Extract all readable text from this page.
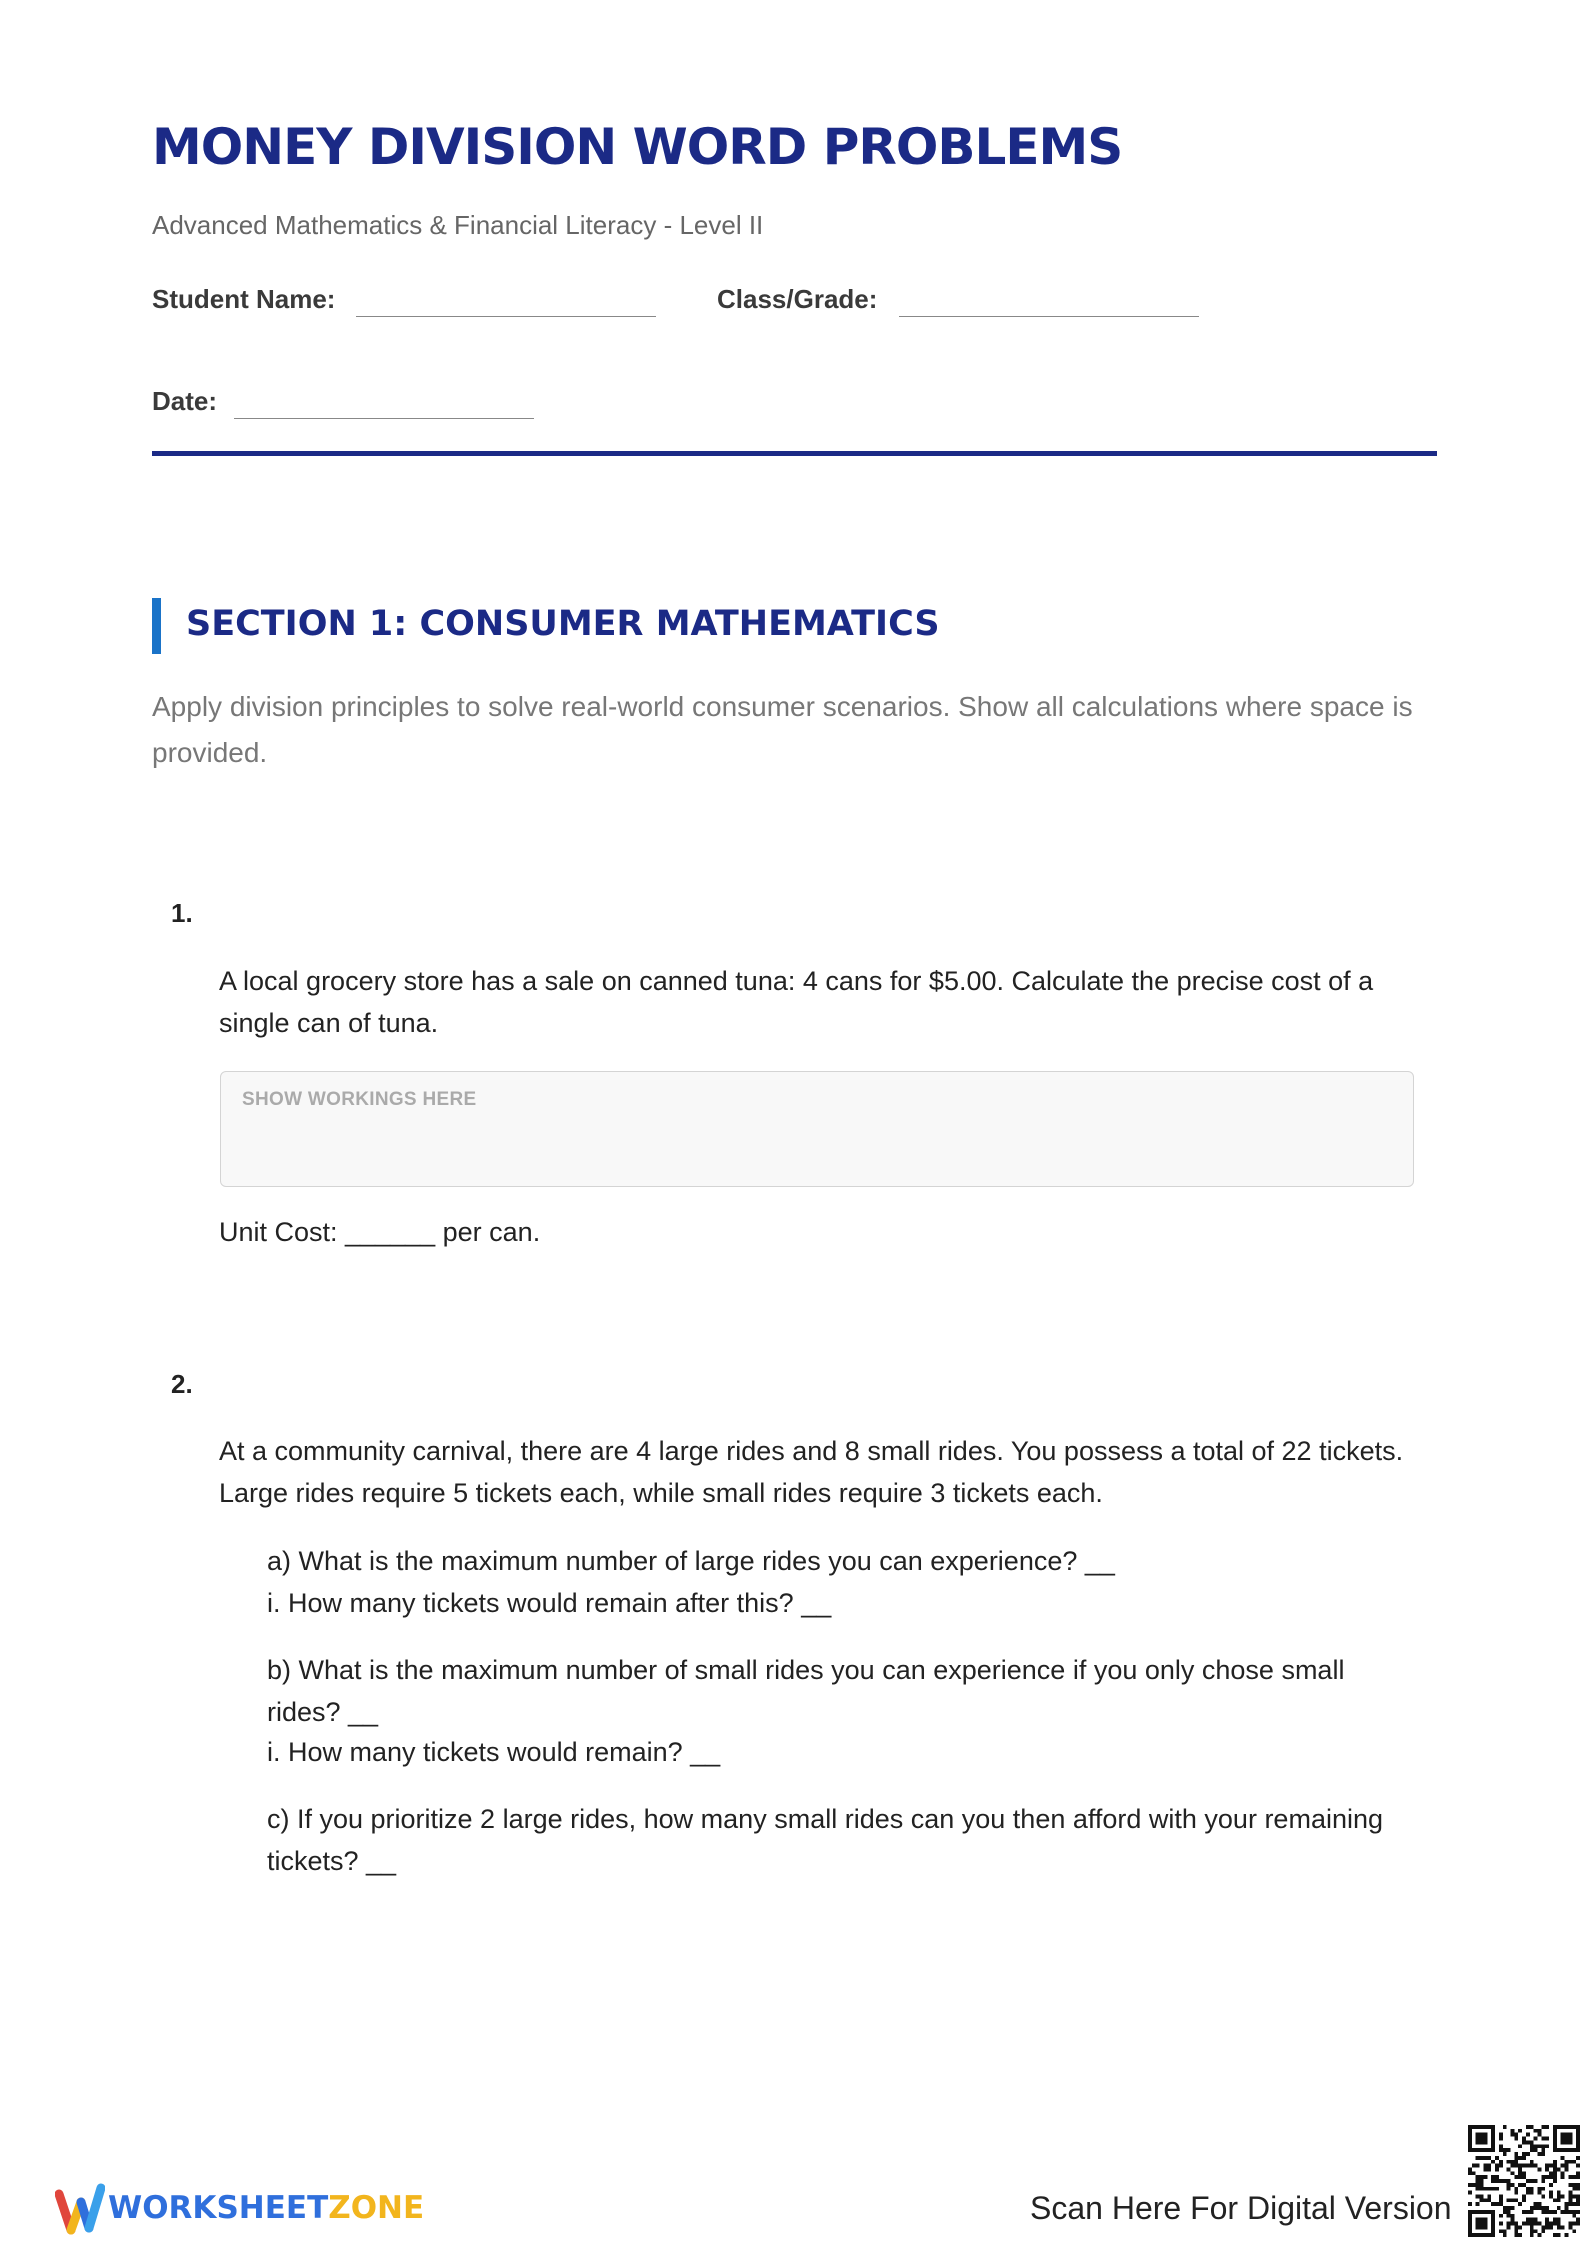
MONEY DIVISION WORD PROBLEMS
Advanced Mathematics & Financial Literacy - Level II
Student Name:	Class/Grade:
Date:
SECTION 1: CONSUMER MATHEMATICS
Apply division principles to solve real-world consumer scenarios. Show all calculations where space is provided.
1.
A local grocery store has a sale on canned tuna: 4 cans for $5.00. Calculate the precise cost of a single can of tuna.
SHOW WORKINGS HERE
Unit Cost: ______ per can.
2.
At a community carnival, there are 4 large rides and 8 small rides. You possess a total of 22 tickets. Large rides require 5 tickets each, while small rides require 3 tickets each.
a) What is the maximum number of large rides you can experience? __
i. How many tickets would remain after this? __
b) What is the maximum number of small rides you can experience if you only chose small rides? __
i. How many tickets would remain? __
c) If you prioritize 2 large rides, how many small rides can you then afford with your remaining tickets? __
WORKSHEETZONE	Scan Here For Digital Version
